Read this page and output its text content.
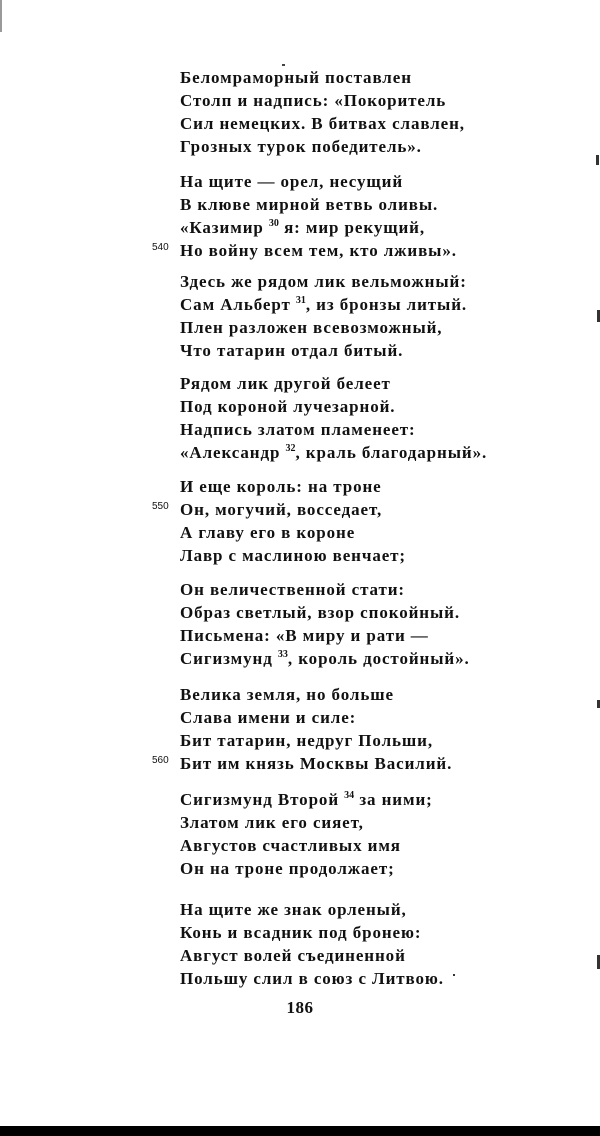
Беломраморный поставлен
Столп и надпись: «Покоритель
Сил немецких. В битвах славлен,
Грозных турок победитель».
На щите — орел, несущий
В клюве мирной ветвь оливы.
«Казимир $^{30}$ я: мир рекущий,
540 Но войну всем тем, кто лживы».
Здесь же рядом лик вельможный:
Сам Альберт $^{31}$, из бронзы литый.
Плен разложен всевозможный,
Что татарин отдал битый.
Рядом лик другой белеет
Под короной лучезарной.
Надпись златом пламенеет:
«Александр $^{32}$, краль благодарный».
И еще король: на троне
550 Он, могучий, восседает,
А главу его в короне
Лавр с маслиною венчает;
Он величественной стати:
Образ светлый, взор спокойный.
Письмена: «В миру и рати —
Сигизмунд $^{33}$, король достойный».
Велика земля, но больше
Слава имени и силе:
Бит татарин, недруг Польши,
560 Бит им князь Москвы Василий.
Сигизмунд Второй $^{34}$ за ними;
Златом лик его сияет,
Августов счастливых имя
Он на троне продолжает;
На щите же знак орленый,
Конь и всадник под бронею:
Август волей съединенной
Польшу слил в союз с Литвою.
186
